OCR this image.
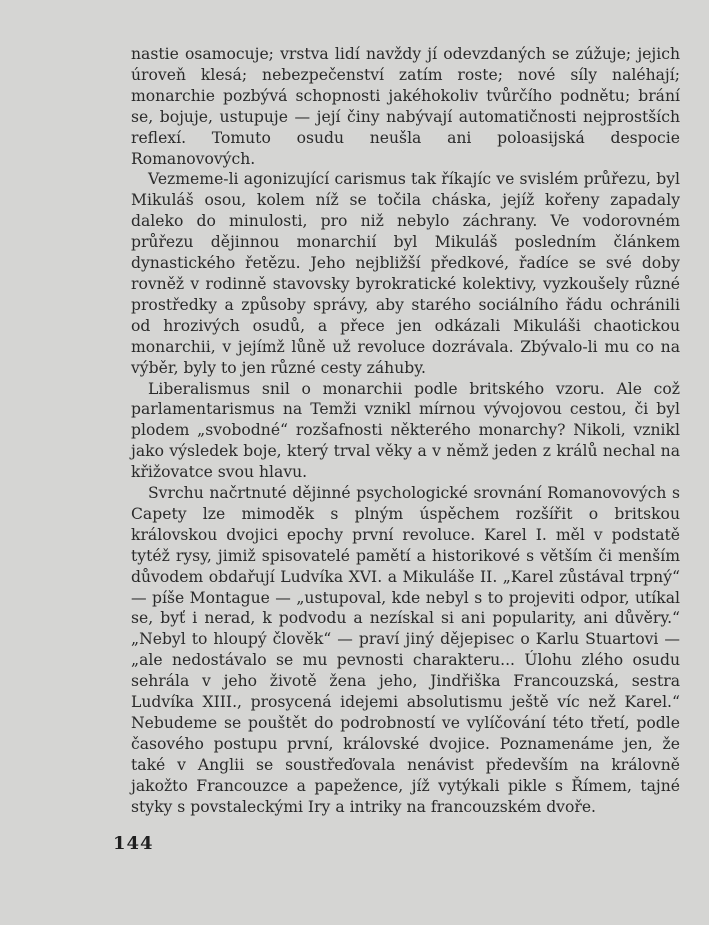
nastie osamocuje; vrstva lidí navždy jí odevzdaných se zúžuje; jejich úroveň klesá; nebezpečenství zatím roste; nové síly naléhají; monarchie pozbývá schopnosti jakéhokoliv tvůrčího podnětu; brání se, bojuje, ustupuje — její činy nabývají automatičnosti nejprostších reflexí. Tomuto osudu neušla ani poloasijská despocie Romanovových.

Vezmeme-li agonizující carismus tak říkajíc ve svislém průřezu, byl Mikuláš osou, kolem níž se točila cháska, jejíž kořeny zapadaly daleko do minulosti, pro niž nebylo záchrany. Ve vodorovném průřezu dějinnou monarchií byl Mikuláš posledním článkem dynastického řetězu. Jeho nejbližší předkové, řadíce se své doby rovněž v rodinně stavovsky byrokratické kolektivy, vyzkoušely různé prostředky a způsoby správy, aby starého sociálního řádu ochránili od hrozivých osudů, a přece jen odkázali Mikuláši chaotickou monarchii, v jejímž lůně už revoluce dozrávala. Zbývalo-li mu co na výběr, byly to jen různé cesty záhuby.

Liberalismus snil o monarchii podle britského vzoru. Ale což parlamentarismus na Temži vznikl mírnou vývojovou cestou, či byl plodem „svobodné“ rozšafnosti některého monarchy? Nikoli, vznikl jako výsledek boje, který trval věky a v němž jeden z králů nechal na křižovatce svou hlavu.

Svrchu načrtnuté dějinné psychologické srovnání Romanovových s Capety lze mimoděk s plným úspěchem rozšířit o britskou královskou dvojici epochy první revoluce. Karel I. měl v podstatě tytéž rysy, jimiž spisovatelé pamětí a historikové s větším či menším důvodem obdařují Ludvíka XVI. a Mikuláše II. „Karel zůstával trpný“ — píše Montague — „ustupoval, kde nebyl s to projeviti odpor, utíkal se, byť i nerad, k podvodu a nezískal si ani popularity, ani důvěry.“ „Nebyl to hloupý člověk“ — praví jiný dějepisec o Karlu Stuartovi — „ale nedostávalo se mu pevnosti charakteru... Úlohu zlého osudu sehrála v jeho životě žena jeho, Jindřiška Francouzská, sestra Ludvíka XIII., prosycená idejemi absolutismu ještě víc než Karel.“ Nebudeme se pouštět do podrobností ve vylíčování této třetí, podle časového postupu první, královské dvojice. Poznamenáme jen, že také v Anglii se soustřeďovala nenávist především na královně jakožto Francouzce a papežence, jíž vytýkali pikle s Římem, tajné styky s povstaleckými Iry a intriky na francouzském dvoře.

144
